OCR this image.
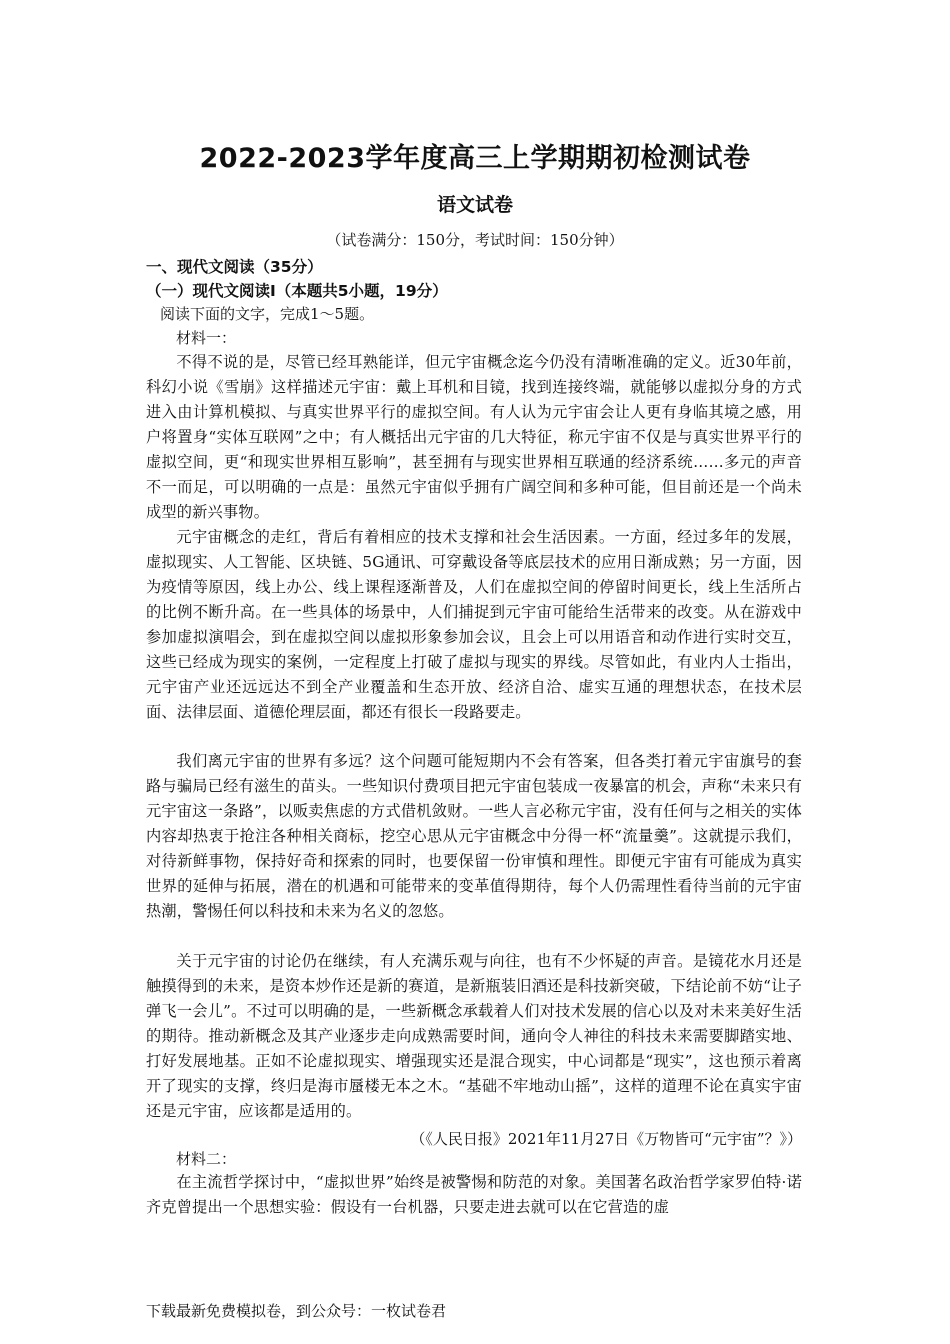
2022-2023学年度高三上学期期初检测试卷
语文试卷
（试卷满分：150分，考试时间：150分钟）
一、现代文阅读（35分）
（一）现代文阅读Ⅰ（本题共5小题，19分）
阅读下面的文字，完成1～5题。
材料一：
不得不说的是，尽管已经耳熟能详，但元宇宙概念迄今仍没有清晰准确的定义。近30年前，科幻小说《雪崩》这样描述元宇宙：戴上耳机和目镜，找到连接终端，就能够以虚拟分身的方式进入由计算机模拟、与真实世界平行的虚拟空间。有人认为元宇宙会让人更有身临其境之感，用户将置身“实体互联网”之中；有人概括出元宇宙的几大特征，称元宇宙不仅是与真实世界平行的虚拟空间，更“和现实世界相互影响”，甚至拥有与现实世界相互联通的经济系统……多元的声音不一而足，可以明确的一点是：虽然元宇宙似乎拥有广阔空间和多种可能，但目前还是一个尚未成型的新兴事物。
元宇宙概念的走红，背后有着相应的技术支撑和社会生活因素。一方面，经过多年的发展，虚拟现实、人工智能、区块链、5G通讯、可穿戴设备等底层技术的应用日渐成熟；另一方面，因为疫情等原因，线上办公、线上课程逐渐普及，人们在虚拟空间的停留时间更长，线上生活所占的比例不断升高。在一些具体的场景中，人们捕捉到元宇宙可能给生活带来的改变。从在游戏中参加虚拟演唱会，到在虚拟空间以虚拟形象参加会议，且会上可以用语音和动作进行实时交互，这些已经成为现实的案例，一定程度上打破了虚拟与现实的界线。尽管如此，有业内人士指出，元宇宙产业还远远达不到全产业覆盖和生态开放、经济自洽、虚实互通的理想状态，在技术层面、法律层面、道德伦理层面，都还有很长一段路要走。
我们离元宇宙的世界有多远？这个问题可能短期内不会有答案，但各类打着元宇宙旗号的套路与骗局已经有滋生的苗头。一些知识付费项目把元宇宙包装成一夜暴富的机会，声称“未来只有元宇宙这一条路”，以贩卖焦虑的方式借机敛财。一些人言必称元宇宙，没有任何与之相关的实体内容却热衷于抢注各种相关商标，挖空心思从元宇宙概念中分得一杯“流量羹”。这就提示我们，对待新鲜事物，保持好奇和探索的同时，也要保留一份审慎和理性。即便元宇宙有可能成为真实世界的延伸与拓展，潜在的机遇和可能带来的变革值得期待，每个人仍需理性看待当前的元宇宙热潮，警惕任何以科技和未来为名义的忽悠。
关于元宇宙的讨论仍在继续，有人充满乐观与向往，也有不少怀疑的声音。是镜花水月还是触摸得到的未来，是资本炒作还是新的赛道，是新瓶装旧酒还是科技新突破，下结论前不妨“让子弹飞一会儿”。不过可以明确的是，一些新概念承载着人们对技术发展的信心以及对未来美好生活的期待。推动新概念及其产业逐步走向成熟需要时间，通向令人神往的科技未来需要脚踏实地、打好发展地基。正如不论虚拟现实、增强现实还是混合现实，中心词都是“现实”，这也预示着离开了现实的支撑，终归是海市蜃楼无本之木。“基础不牢地动山摇”，这样的道理不论在真实宇宙还是元宇宙，应该都是适用的。
（《人民日报》2021年11月27日《万物皆可“元宇宙”？》）
材料二：
在主流哲学探讨中，“虚拟世界”始终是被警惕和防范的对象。美国著名政治哲学家罗伯特·诺齐克曾提出一个思想实验：假设有一台机器，只要走进去就可以在它营造的虚
下载最新免费模拟卷，到公众号：一枚试卷君
